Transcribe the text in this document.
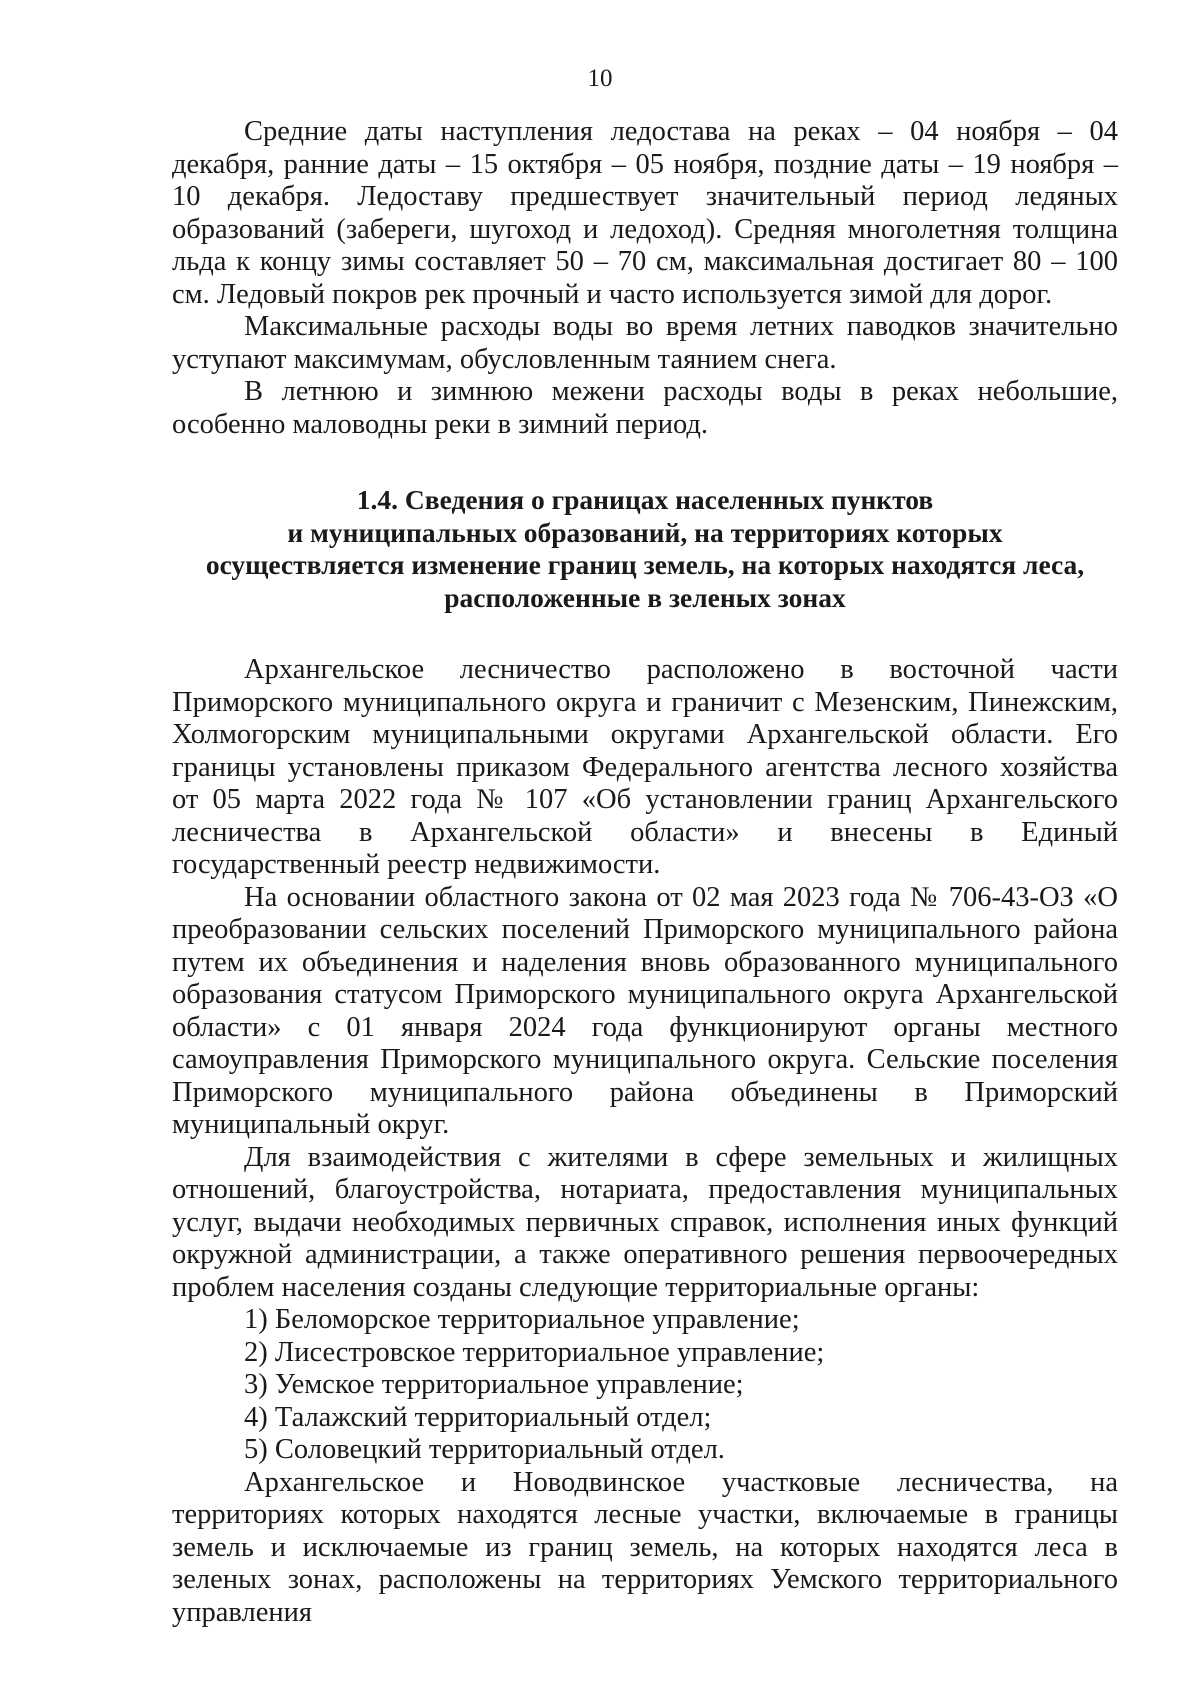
10

Средние даты наступления ледостава на реках – 04 ноября – 04 декабря, ранние даты – 15 октября – 05 ноября, поздние даты – 19 ноября – 10 декабря. Ледоставу предшествует значительный период ледяных образований (забереги, шугоход и ледоход). Средняя многолетняя толщина льда к концу зимы составляет 50 – 70 см, максимальная достигает 80 – 100 см. Ледовый покров рек прочный и часто используется зимой для дорог.

Максимальные расходы воды во время летних паводков значительно уступают максимумам, обусловленным таянием снега.

В летнюю и зимнюю межени расходы воды в реках небольшие, особенно маловодны реки в зимний период.

1.4. Сведения о границах населенных пунктов
и муниципальных образований, на территориях которых
осуществляется изменение границ земель, на которых находятся леса,
расположенные в зеленых зонах

Архангельское лесничество расположено в восточной части Приморского муниципального округа и граничит с Мезенским, Пинежским, Холмогорским муниципальными округами Архангельской области. Его границы установлены приказом Федерального агентства лесного хозяйства от 05 марта 2022 года № 107 «Об установлении границ Архангельского лесничества в Архангельской области» и внесены в Единый государственный реестр недвижимости.

На основании областного закона от 02 мая 2023 года № 706-43-ОЗ «О преобразовании сельских поселений Приморского муниципального района путем их объединения и наделения вновь образованного муниципального образования статусом Приморского муниципального округа Архангельской области» с 01 января 2024 года функционируют органы местного самоуправления Приморского муниципального округа. Сельские поселения Приморского муниципального района объединены в Приморский муниципальный округ.

Для взаимодействия с жителями в сфере земельных и жилищных отношений, благоустройства, нотариата, предоставления муниципальных услуг, выдачи необходимых первичных справок, исполнения иных функций окружной администрации, а также оперативного решения первоочередных проблем населения созданы следующие территориальные органы:

1) Беломорское территориальное управление;

2) Лисестровское территориальное управление;

3) Уемское территориальное управление;

4) Талажский территориальный отдел;

5) Соловецкий территориальный отдел.

Архангельское и Новодвинское участковые лесничества, на территориях которых находятся лесные участки, включаемые в границы земель и исключаемые из границ земель, на которых находятся леса в зеленых зонах, расположены на территориях Уемского территориального управления
